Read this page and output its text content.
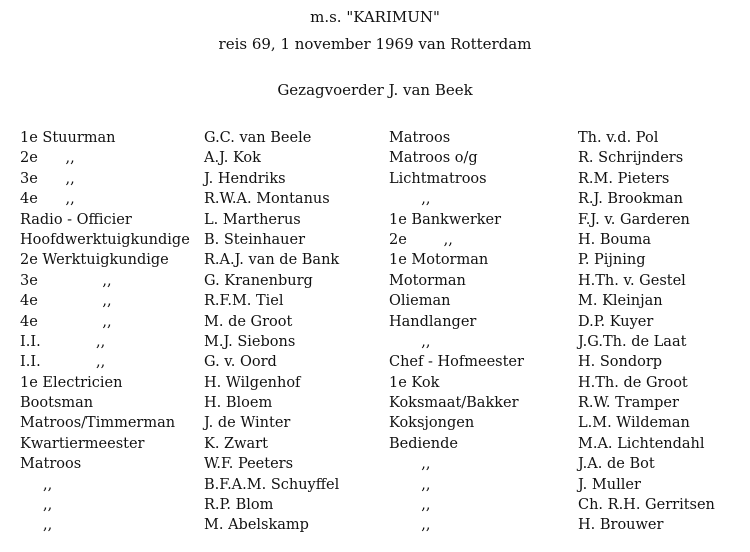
m.s. "KARIMUN"
reis 69, 1 november 1969 van Rotterdam
Gezagvoerder J. van Beek
1e Stuurman
2e      ,,
3e      ,,
4e      ,,
Radio - Officier
Hoofdwerktuigkundige
2e Werktuigkundige
3e              ,,
4e              ,,
4e              ,,
I.I.            ,,
I.I.            ,,
1e Electricien
Bootsman
Matroos/Timmerman
Kwartiermeester
Matroos
,,
,,
,,
G.C. van Beele
A.J. Kok
J. Hendriks
R.W.A. Montanus
L. Martherus
B. Steinhauer
R.A.J. van de Bank
G. Kranenburg
R.F.M. Tiel
M. de Groot
M.J. Siebons
G. v. Oord
H. Wilgenhof
H. Bloem
J. de Winter
K. Zwart
W.F. Peeters
B.F.A.M. Schuyffel
R.P. Blom
M. Abelskamp
Matroos
Matroos o/g
Lichtmatroos
,,
1e Bankwerker
2e        ,,
1e Motorman
Motorman
Olieman
Handlanger
,,
Chef - Hofmeester
1e Kok
Koksmaat/Bakker
Koksjongen
Bediende
,,
,,
,,
,,
Th. v.d. Pol
R. Schrijnders
R.M. Pieters
R.J. Brookman
F.J. v. Garderen
H. Bouma
P. Pijning
H.Th. v. Gestel
M. Kleinjan
D.P. Kuyer
J.G.Th. de Laat
H. Sondorp
H.Th. de Groot
R.W. Tramper
L.M. Wildeman
M.A. Lichtendahl
J.A. de Bot
J. Muller
Ch. R.H. Gerritsen
H. Brouwer
